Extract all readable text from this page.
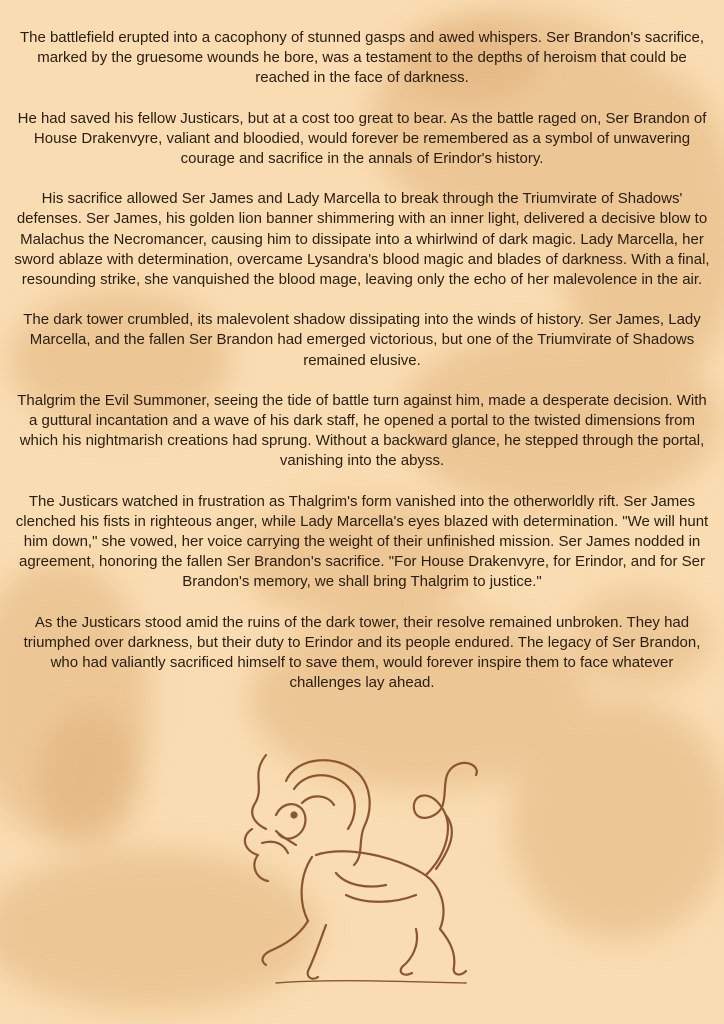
The battlefield erupted into a cacophony of stunned gasps and awed whispers. Ser Brandon's sacrifice, marked by the gruesome wounds he bore, was a testament to the depths of heroism that could be reached in the face of darkness.

He had saved his fellow Justicars, but at a cost too great to bear. As the battle raged on, Ser Brandon of House Drakenvyre, valiant and bloodied, would forever be remembered as a symbol of unwavering courage and sacrifice in the annals of Erindor's history.

His sacrifice allowed Ser James and Lady Marcella to break through the Triumvirate of Shadows' defenses. Ser James, his golden lion banner shimmering with an inner light, delivered a decisive blow to Malachus the Necromancer, causing him to dissipate into a whirlwind of dark magic. Lady Marcella, her sword ablaze with determination, overcame Lysandra's blood magic and blades of darkness. With a final, resounding strike, she vanquished the blood mage, leaving only the echo of her malevolence in the air.

The dark tower crumbled, its malevolent shadow dissipating into the winds of history. Ser James, Lady Marcella, and the fallen Ser Brandon had emerged victorious, but one of the Triumvirate of Shadows remained elusive.

Thalgrim the Evil Summoner, seeing the tide of battle turn against him, made a desperate decision. With a guttural incantation and a wave of his dark staff, he opened a portal to the twisted dimensions from which his nightmarish creations had sprung. Without a backward glance, he stepped through the portal, vanishing into the abyss.

The Justicars watched in frustration as Thalgrim's form vanished into the otherworldly rift. Ser James clenched his fists in righteous anger, while Lady Marcella's eyes blazed with determination. "We will hunt him down," she vowed, her voice carrying the weight of their unfinished mission. Ser James nodded in agreement, honoring the fallen Ser Brandon's sacrifice. "For House Drakenvyre, for Erindor, and for Ser Brandon's memory, we shall bring Thalgrim to justice."

As the Justicars stood amid the ruins of the dark tower, their resolve remained unbroken. They had triumphed over darkness, but their duty to Erindor and its people endured. The legacy of Ser Brandon, who had valiantly sacrificed himself to save them, would forever inspire them to face whatever challenges lay ahead.
